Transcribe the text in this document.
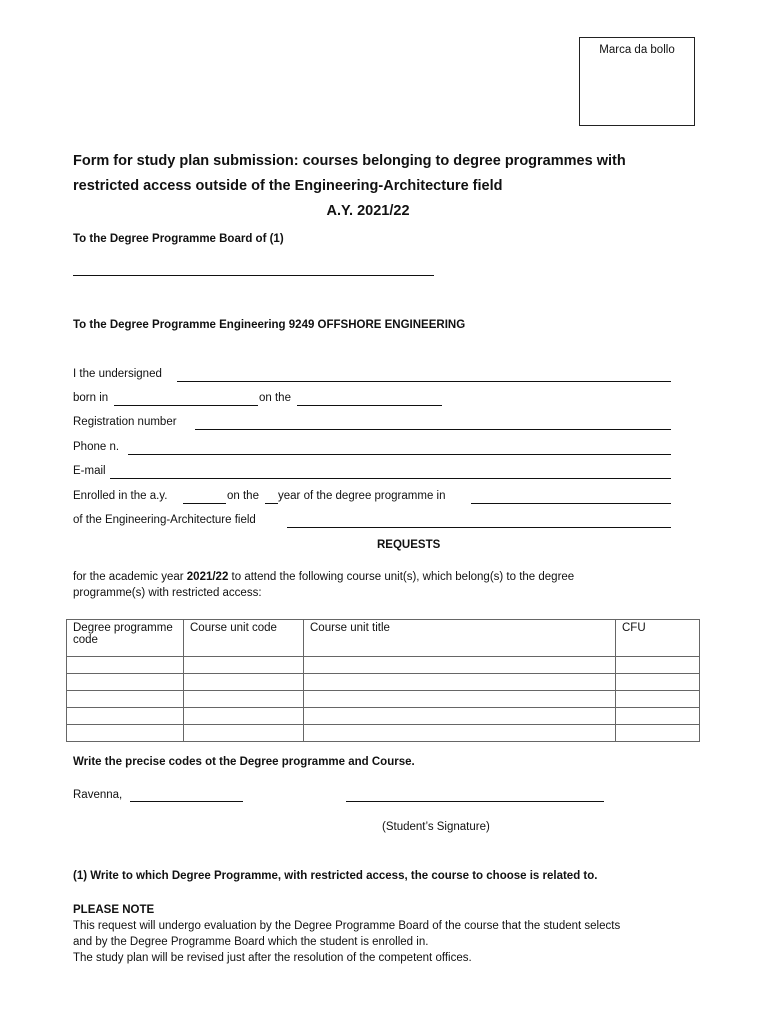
Marca da bollo
Form for study plan submission: courses belonging to degree programmes with
restricted access outside of the Engineering-Architecture field
A.Y. 2021/22
To the Degree Programme Board of (1)
To the Degree Programme Engineering 9249 OFFSHORE ENGINEERING
I the undersigned
born in	on the
Registration number
Phone n.
E-mail
Enrolled in the a.y.	on the year of the degree programme in
of the Engineering-Architecture field
REQUESTS
for the academic year 2021/22 to attend the following course unit(s), which belong(s) to the degree
programme(s) with restricted access:
Degree programme code	Course unit code	Course unit title	CFU

Write the precise codes ot the Degree programme and Course.
Ravenna,
(Student’s Signature)
(1) Write to which Degree Programme, with restricted access, the course to choose is related to.
PLEASE NOTE
This request will undergo evaluation by the Degree Programme Board of the course that the student selects
and by the Degree Programme Board which the student is enrolled in.
The study plan will be revised just after the resolution of the competent offices.
